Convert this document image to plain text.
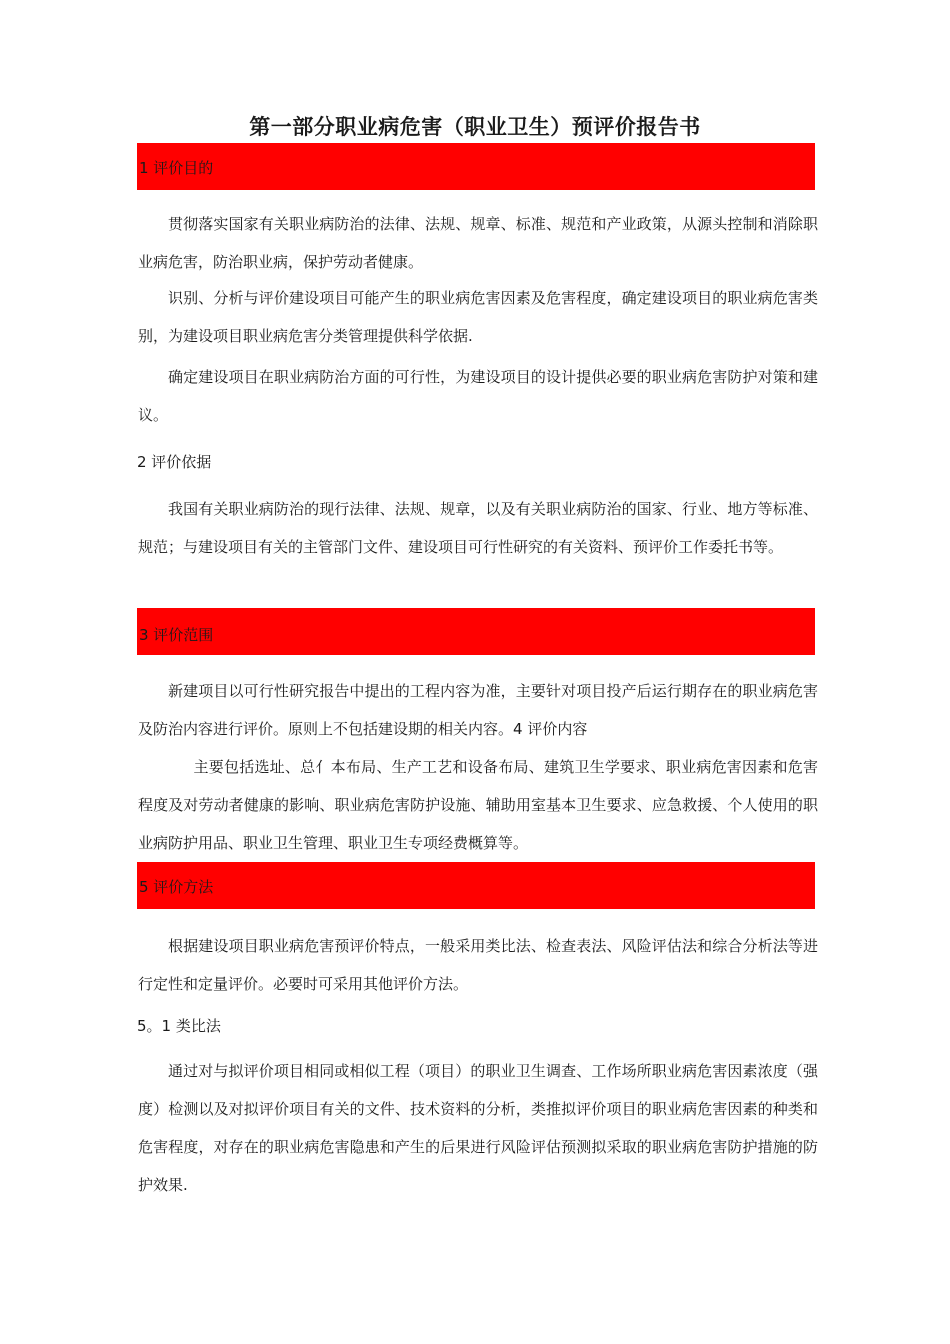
第一部分职业病危害（职业卫生）预评价报告书
1 评价目的

贯彻落实国家有关职业病防治的法律、法规、规章、标准、规范和产业政策，从源头控制和消除职业病危害，防治职业病，保护劳动者健康。

识别、分析与评价建设项目可能产生的职业病危害因素及危害程度，确定建设项目的职业病危害类别，为建设项目职业病危害分类管理提供科学依据.

确定建设项目在职业病防治方面的可行性，为建设项目的设计提供必要的职业病危害防护对策和建议。

2 评价依据

我国有关职业病防治的现行法律、法规、规章，以及有关职业病防治的国家、行业、地方等标准、规范；与建设项目有关的主管部门文件、建设项目可行性研究的有关资料、预评价工作委托书等。

3 评价范围

新建项目以可行性研究报告中提出的工程内容为准，主要针对项目投产后运行期存在的职业病危害及防治内容进行评价。原则上不包括建设期的相关内容。4 评价内容

主要包括选址、总亻本布局、生产工艺和设备布局、建筑卫生学要求、职业病危害因素和危害程度及对劳动者健康的影响、职业病危害防护设施、辅助用室基本卫生要求、应急救援、个人使用的职业病防护用品、职业卫生管理、职业卫生专项经费概算等。

5 评价方法

根据建设项目职业病危害预评价特点，一般采用类比法、检查表法、风险评估法和综合分析法等进行定性和定量评价。必要时可采用其他评价方法。

5。1 类比法

通过对与拟评价项目相同或相似工程（项目）的职业卫生调查、工作场所职业病危害因素浓度（强度）检测以及对拟评价项目有关的文件、技术资料的分析，类推拟评价项目的职业病危害因素的种类和危害程度，对存在的职业病危害隐患和产生的后果进行风险评估预测拟采取的职业病危害防护措施的防护效果.
